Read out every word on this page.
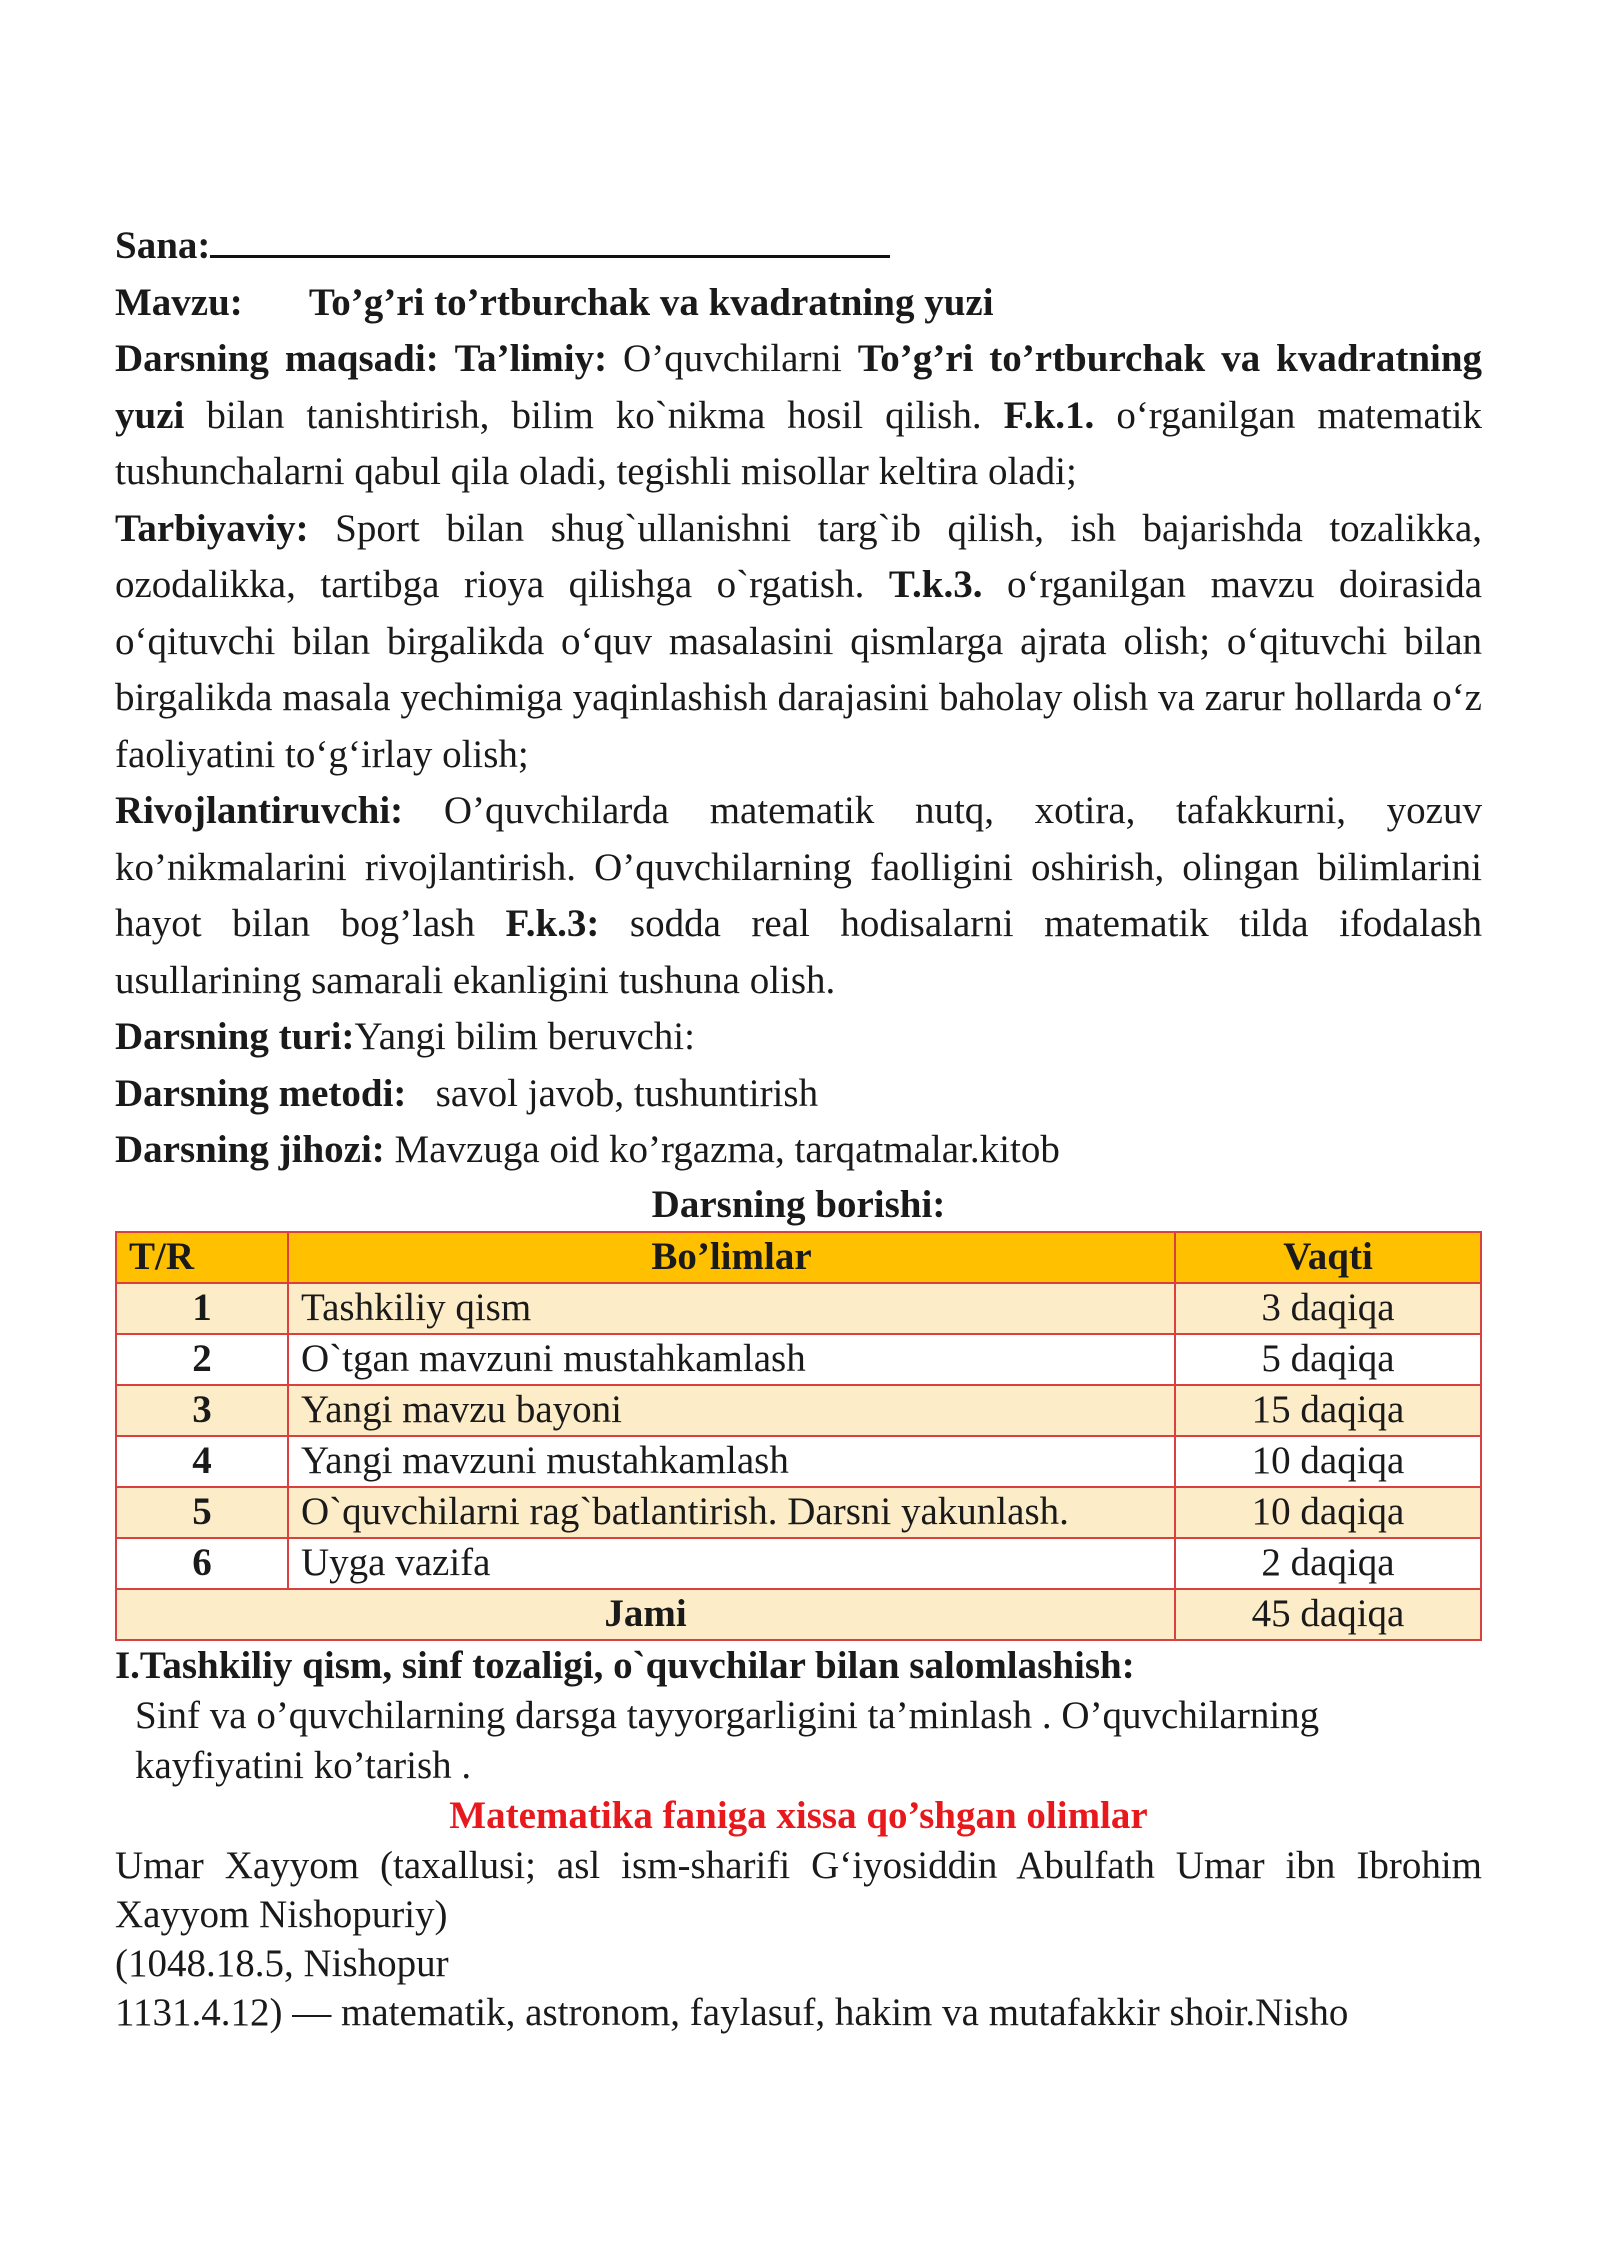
Sana:
Mavzu: To’g’ri to’rtburchak va kvadratning yuzi
Darsning maqsadi: Ta’limiy: O’quvchilarni To’g’ri to’rtburchak va kvadratning yuzi bilan tanishtirish, bilim ko`nikma hosil qilish. F.k.1. o‘rganilgan matematik tushunchalarni qabul qila oladi, tegishli misollar keltira oladi;
Tarbiyaviy: Sport bilan shug`ullanishni targ`ib qilish, ish bajarishda tozalikka, ozodalikka, tartibga rioya qilishga o`rgatish. T.k.3. o‘rganilgan mavzu doirasida o‘qituvchi bilan birgalikda o‘quv masalasini qismlarga ajrata olish; o‘qituvchi bilan birgalikda masala yechimiga yaqinlashish darajasini baholay olish va zarur hollarda o‘z faoliyatini to‘g‘irlay olish;
Rivojlantiruvchi: O’quvchilarda matematik nutq, xotira, tafakkurni, yozuv ko’nikmalarini rivojlantirish. O’quvchilarning faolligini oshirish, olingan bilimlarini hayot bilan bog’lash F.k.3: sodda real hodisalarni matematik tilda ifodalash usullarining samarali ekanligini tushuna olish.
Darsning turi:Yangi bilim beruvchi:
Darsning metodi: savol javob, tushuntirish
Darsning jihozi: Mavzuga oid ko’rgazma, tarqatmalar.kitob
Darsning borishi:
T/R	Bo’limlar	Vaqti
1	Tashkiliy qism	3 daqiqa
2	O`tgan mavzuni mustahkamlash	5 daqiqa
3	Yangi mavzu bayoni	15 daqiqa
4	Yangi mavzuni mustahkamlash	10 daqiqa
5	O`quvchilarni rag`batlantirish. Darsni yakunlash.	10 daqiqa
6	Uyga vazifa	2 daqiqa
Jami		45 daqiqa
I.Tashkiliy qism, sinf tozaligi, o`quvchilar bilan salomlashish:
Sinf va o’quvchilarning darsga tayyorgarligini ta’minlash . O’quvchilarning kayfiyatini ko’tarish .
Matematika faniga xissa qo’shgan olimlar
Umar Xayyom (taxallusi; asl ism-sharifi G‘iyosiddin Abulfath Umar ibn Ibrohim Xayyom Nishopuriy)
(1048.18.5, Nishopur
1131.4.12) — matematik, astronom, faylasuf, hakim va mutafakkir shoir.Nisho
